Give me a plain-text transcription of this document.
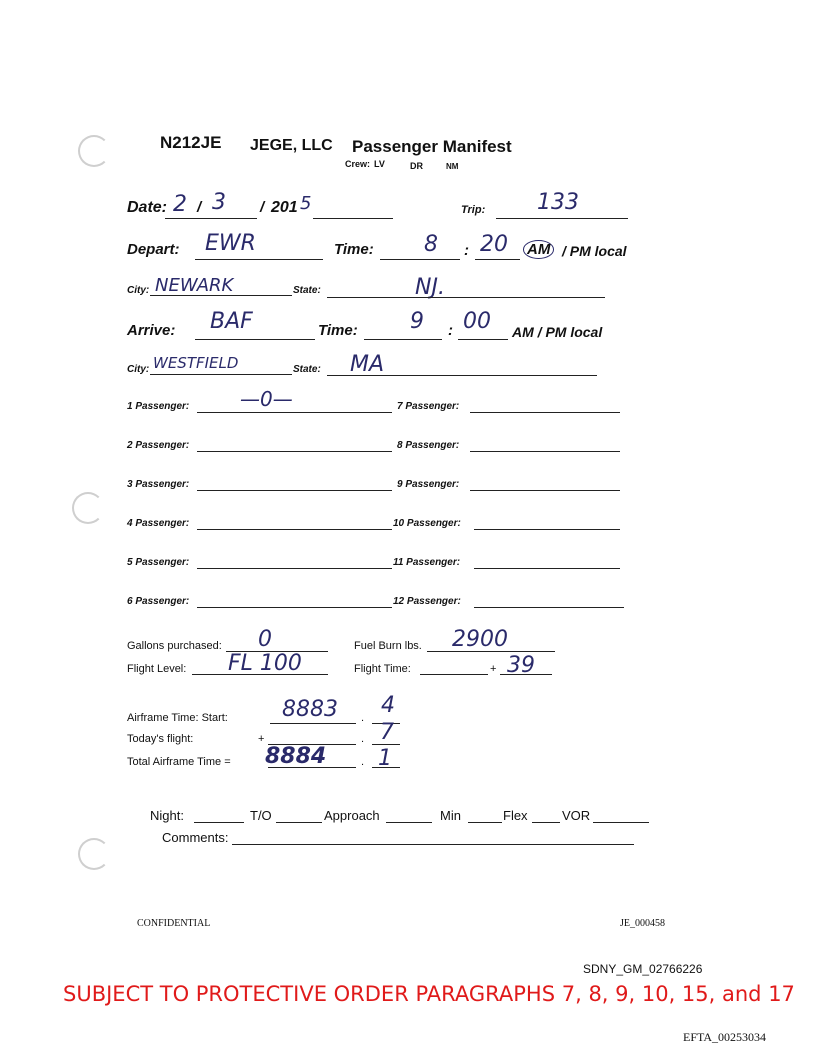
N212JE JEGE, LLC Passenger Manifest
Crew: LV	DR	NM
Date: 2 / 3 / 201 5	Trip: 133
Depart: EWR	Time: 8 : 20 AM / PM local
City: NEWARK	State:	NJ.
Arrive: BAF	Time: 9 : 00 AM / PM local
City: WESTFIELD	State: MA
1 Passenger:	—0—
2 Passenger:
3 Passenger:
4 Passenger:
5 Passenger:
6 Passenger:
7 Passenger:
8 Passenger:
9 Passenger:
10 Passenger:
11 Passenger:
12 Passenger:
Gallons purchased: 0	Fuel Burn lbs. 2900
Flight Level: FL 100	Flight Time:	+ 39
Airframe Time: Start: 8883 . 4
Today's flight:	+	. 7
Total Airframe Time = 8884	. 1
Night:	T/O	Approach	Min	Flex	VOR
Comments:
CONFIDENTIAL	JE_000458
SDNY_GM_02766226
SUBJECT TO PROTECTIVE ORDER PARAGRAPHS 7, 8, 9, 10, 15, and 17
EFTA_00253034
